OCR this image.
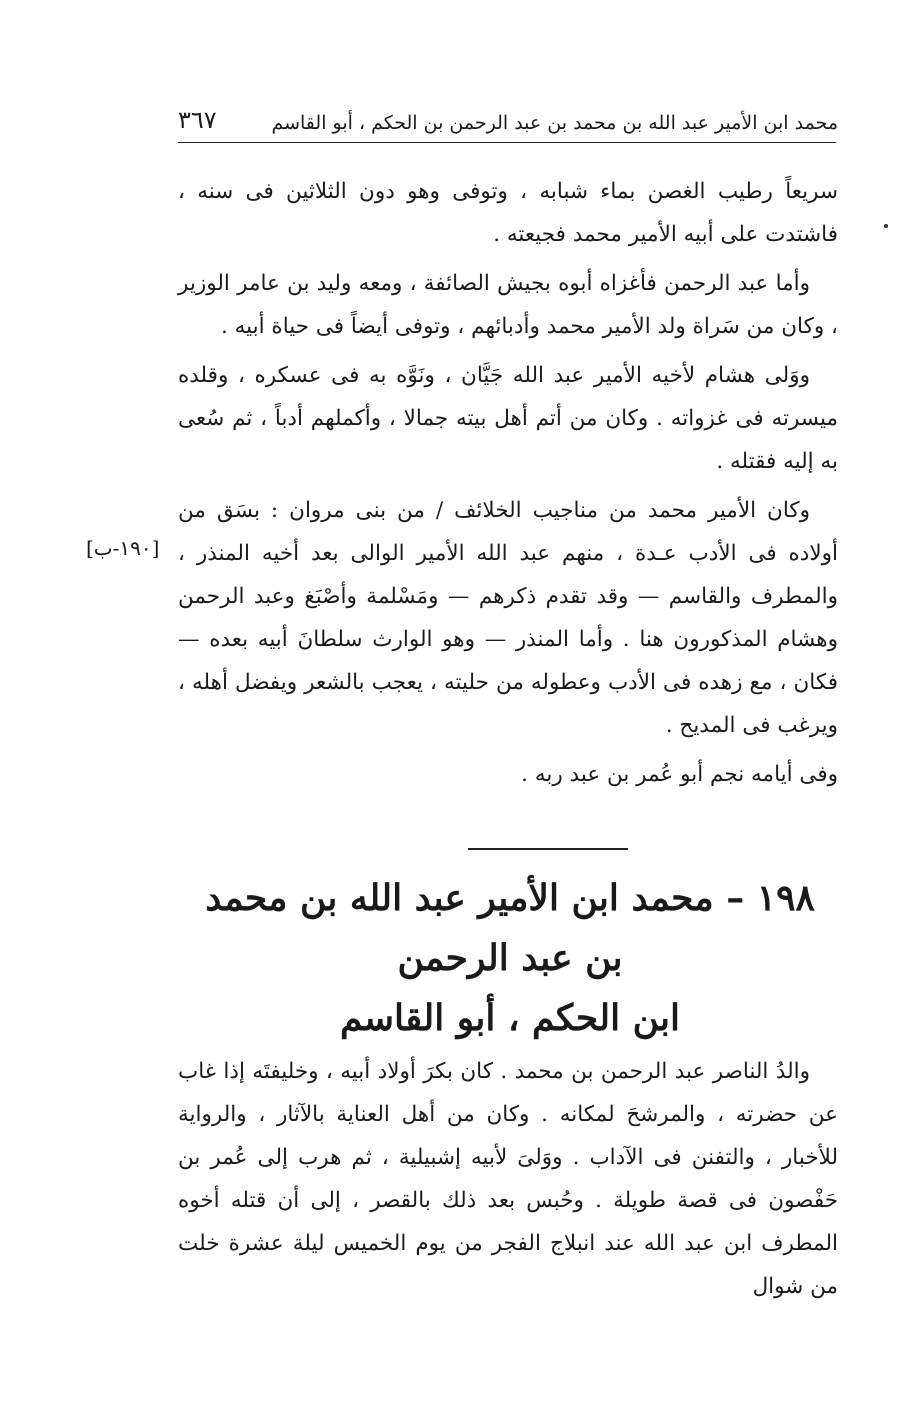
محمد ابن الأمير عبد الله بن محمد بن عبد الرحمن بن الحكم ، أبو القاسم
٣٦٧

سريعاً رطيب الغصن بماء شبابه ، وتوفى وهو دون الثلاثين فى سنه ، فاشتدت على أبيه الأمير محمد فجيعته .

وأما عبد الرحمن فأغزاه أبوه بجيش الصائفة ، ومعه وليد بن عامر الوزير ، وكان من سَراة ولد الأمير محمد وأدبائهم ، وتوفى أيضاً فى حياة أبيه .

ووَلى هشام لأخيه الأمير عبد الله جَيَّان ، ونَوَّه به فى عسكره ، وقلده ميسرته فى غزواته . وكان من أتم أهل بيته جمالا ، وأكملهم أدباً ، ثم سُعى به إليه فقتله .

وكان الأمير محمد من مناجيب الخلائف / من بنى مروان : بسَق من أولاده فى الأدب عـدة ، منهم عبد الله الأمير الوالى بعد أخيه المنذر ، والمطرف والقاسم — وقد تقدم ذكرهم — ومَسْلمة وأصْبَغ وعبد الرحمن وهشام المذكورون هنا . وأما المنذر — وهو الوارث سلطانَ أبيه بعده — فكان ، مع زهده فى الأدب وعطوله من حليته ، يعجب بالشعر ويفضل أهله ، ويرغب فى المديح .

وفى أيامه نجم أبو عُمر بن عبد ربه .

[١٩٠-ب]
١٩٨ – محمد ابن الأمير عبد الله بن محمد بن عبد الرحمن
ابن الحكم ، أبو القاسم

والدُ الناصر عبد الرحمن بن محمد . كان بكرَ أولاد أبيه ، وخليفتَه إذا غاب عن حضرته ، والمرشحَ لمكانه . وكان من أهل العناية بالآثار ، والرواية للأخبار ، والتفنن فى الآداب . ووَلىَ لأبيه إشبيلية ، ثم هرب إلى عُمر بن حَفْصون فى قصة طويلة . وحُبس بعد ذلك بالقصر ، إلى أن قتله أخوه المطرف ابن عبد الله عند انبلاج الفجر من يوم الخميس ليلة عشرة خلت من شوال
